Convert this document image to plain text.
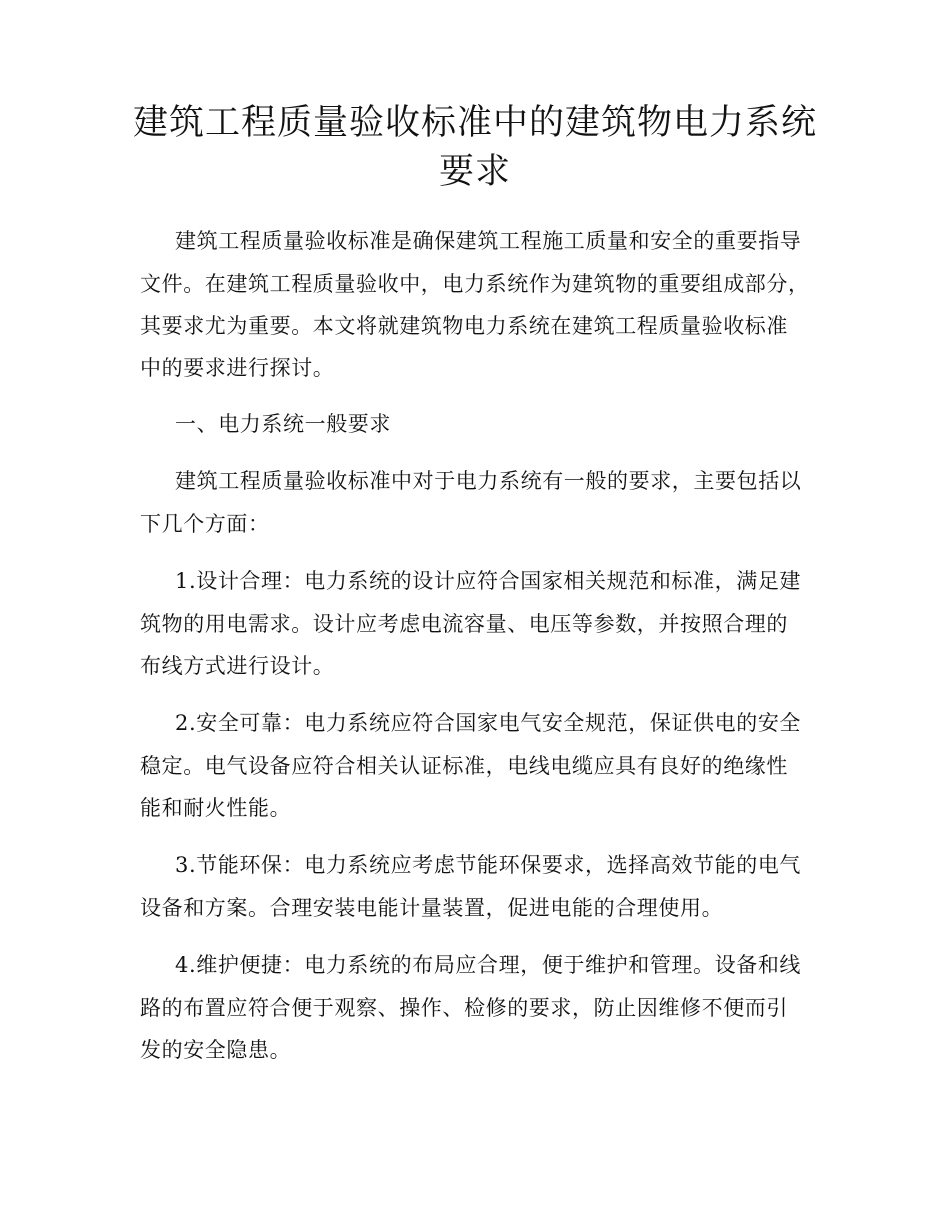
建筑工程质量验收标准中的建筑物电力系统
要求

建筑工程质量验收标准是确保建筑工程施工质量和安全的重要指导

文件。在建筑工程质量验收中，电力系统作为建筑物的重要组成部分，

其要求尤为重要。本文将就建筑物电力系统在建筑工程质量验收标准

中的要求进行探讨。

一、电力系统一般要求

建筑工程质量验收标准中对于电力系统有一般的要求，主要包括以

下几个方面：

1.设计合理：电力系统的设计应符合国家相关规范和标准，满足建

筑物的用电需求。设计应考虑电流容量、电压等参数，并按照合理的

布线方式进行设计。

2.安全可靠：电力系统应符合国家电气安全规范，保证供电的安全

稳定。电气设备应符合相关认证标准，电线电缆应具有良好的绝缘性

能和耐火性能。

3.节能环保：电力系统应考虑节能环保要求，选择高效节能的电气

设备和方案。合理安装电能计量装置，促进电能的合理使用。

4.维护便捷：电力系统的布局应合理，便于维护和管理。设备和线

路的布置应符合便于观察、操作、检修的要求，防止因维修不便而引

发的安全隐患。
